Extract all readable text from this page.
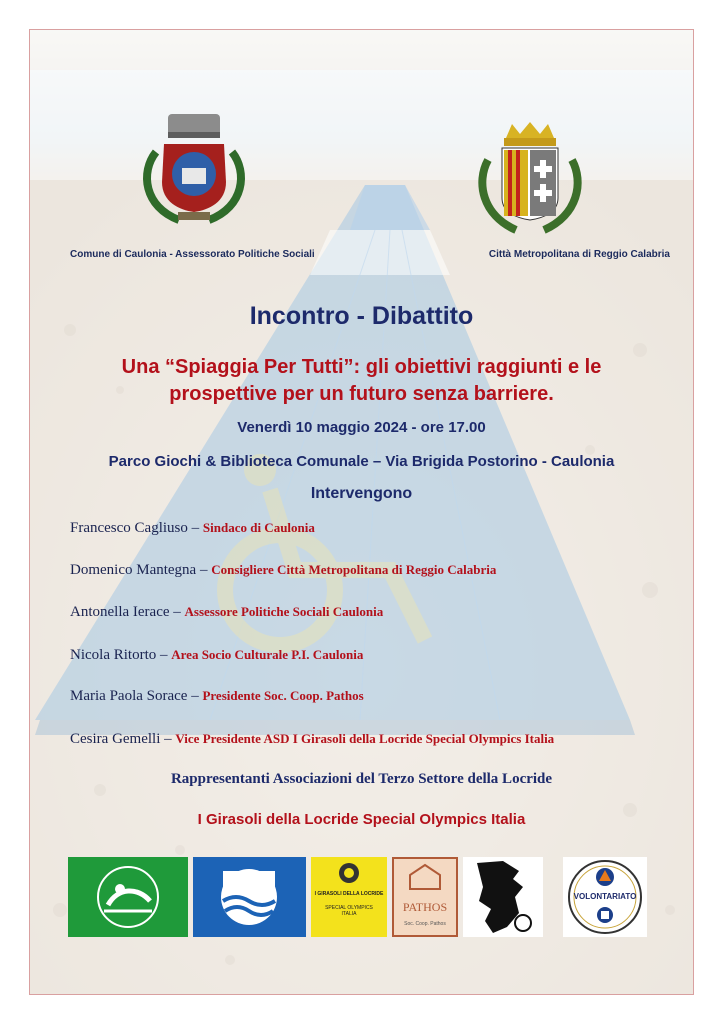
Comune di Caulonia - Assessorato Politiche Sociali	Città Metropolitana di Reggio Calabria
Incontro - Dibattito
Una “Spiaggia Per Tutti”: gli obiettivi raggiunti e le
prospettive per un futuro senza barriere.
Venerdì 10 maggio 2024 - ore 17.00
Parco Giochi & Biblioteca Comunale – Via Brigida Postorino - Caulonia
Intervengono
Francesco Cagliuso – Sindaco di Caulonia
Domenico Mantegna – Consigliere Città Metropolitana di Reggio Calabria
Antonella Ierace – Assessore Politiche Sociali Caulonia
Nicola Ritorto – Area Socio Culturale P.I. Caulonia
Maria Paola Sorace – Presidente Soc. Coop. Pathos
Cesira Gemelli – Vice Presidente ASD I Girasoli della Locride Special Olympics Italia
Rappresentanti Associazioni del Terzo Settore della Locride
I Girasoli della Locride Special Olympics Italia
I GIRASOLI DELLA LOCRIDE
SPECIAL OLYMPICS
ITALIA	PATHOS
Soc. Coop. Pathos
VOLONTARIATO
